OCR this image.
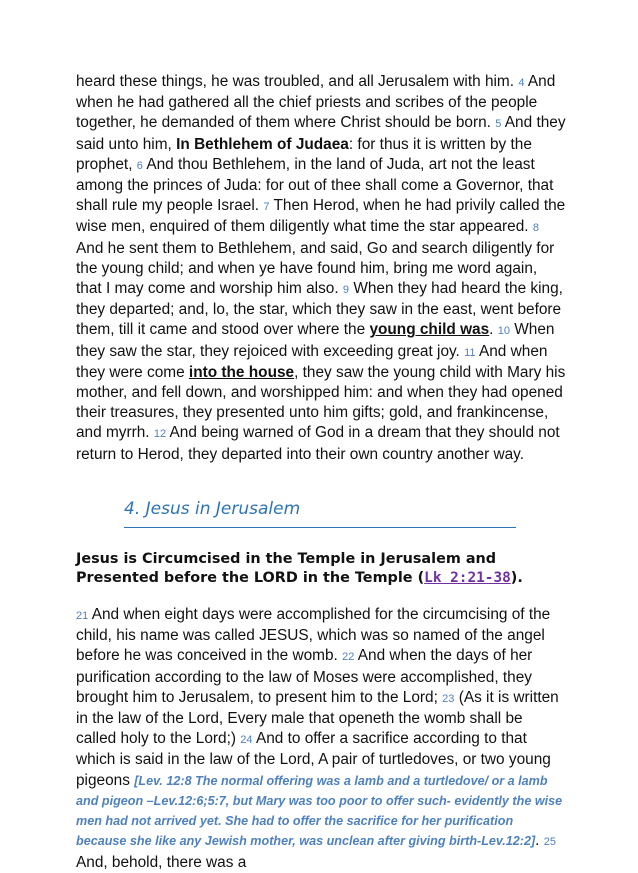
heard these things, he was troubled, and all Jerusalem with him. 4 And when he had gathered all the chief priests and scribes of the people together, he demanded of them where Christ should be born. 5 And they said unto him, In Bethlehem of Judaea: for thus it is written by the prophet, 6 And thou Bethlehem, in the land of Juda, art not the least among the princes of Juda: for out of thee shall come a Governor, that shall rule my people Israel. 7 Then Herod, when he had privily called the wise men, enquired of them diligently what time the star appeared. 8 And he sent them to Bethlehem, and said, Go and search diligently for the young child; and when ye have found him, bring me word again, that I may come and worship him also. 9 When they had heard the king, they departed; and, lo, the star, which they saw in the east, went before them, till it came and stood over where the young child was. 10 When they saw the star, they rejoiced with exceeding great joy. 11 And when they were come into the house, they saw the young child with Mary his mother, and fell down, and worshipped him: and when they had opened their treasures, they presented unto him gifts; gold, and frankincense, and myrrh. 12 And being warned of God in a dream that they should not return to Herod, they departed into their own country another way.
4. Jesus in Jerusalem
Jesus is Circumcised in the Temple in Jerusalem and Presented before the LORD in the Temple (Lk 2:21-38).
21 And when eight days were accomplished for the circumcising of the child, his name was called JESUS, which was so named of the angel before he was conceived in the womb. 22 And when the days of her purification according to the law of Moses were accomplished, they brought him to Jerusalem, to present him to the Lord; 23 (As it is written in the law of the Lord, Every male that openeth the womb shall be called holy to the Lord;) 24 And to offer a sacrifice according to that which is said in the law of the Lord, A pair of turtledoves, or two young pigeons [Lev. 12:8 The normal offering was a lamb and a turtledove/ or a lamb and pigeon –Lev.12:6;5:7, but Mary was too poor to offer such- evidently the wise men had not arrived yet. She had to offer the sacrifice for her purification because she like any Jewish mother, was unclean after giving birth-Lev.12:2]. 25 And, behold, there was a
